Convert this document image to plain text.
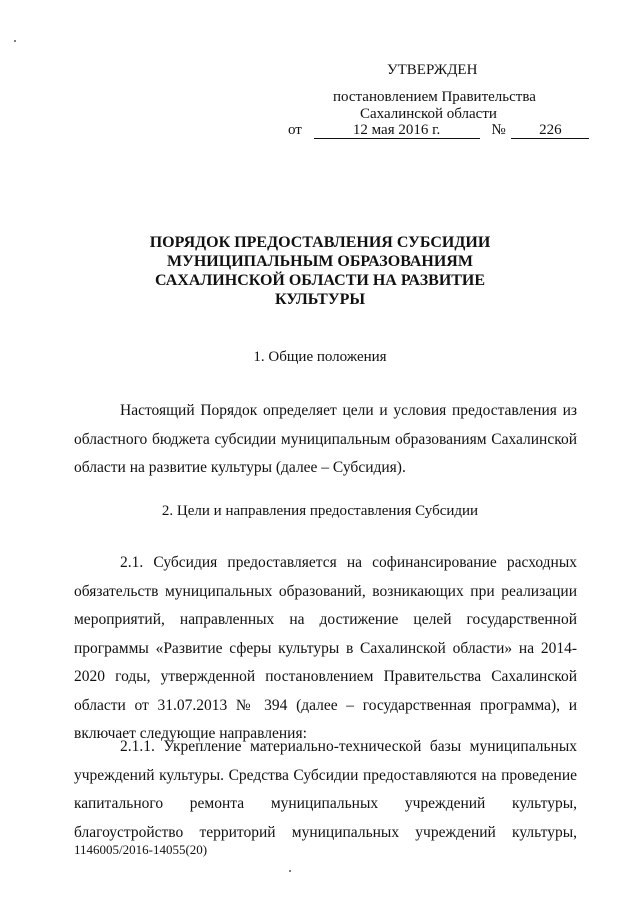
УТВЕРЖДЕН
постановлением Правительства
Сахалинской области
от	12 мая 2016 г.	№ 226
ПОРЯДОК ПРЕДОСТАВЛЕНИЯ СУБСИДИИ
МУНИЦИПАЛЬНЫМ ОБРАЗОВАНИЯМ
САХАЛИНСКОЙ ОБЛАСТИ НА РАЗВИТИЕ
КУЛЬТУРЫ
1. Общие положения

Настоящий Порядок определяет цели и условия предоставления из областного бюджета субсидии муниципальным образованиям Сахалинской области на развитие культуры (далее – Субсидия).

2. Цели и направления предоставления Субсидии

2.1. Субсидия предоставляется на софинансирование расходных обязательств муниципальных образований, возникающих при реализации мероприятий, направленных на достижение целей государственной программы «Развитие сферы культуры в Сахалинской области» на 2014-2020 годы, утвержденной постановлением Правительства Сахалинской области от 31.07.2013 № 394 (далее – государственная программа), и включает следующие направления:

2.1.1. Укрепление материально-технической базы муниципальных учреждений культуры. Средства Субсидии предоставляются на проведение капитального ремонта муниципальных учреждений культуры, благоустройство территорий муниципальных учреждений культуры,

1146005/2016-14055(20)
